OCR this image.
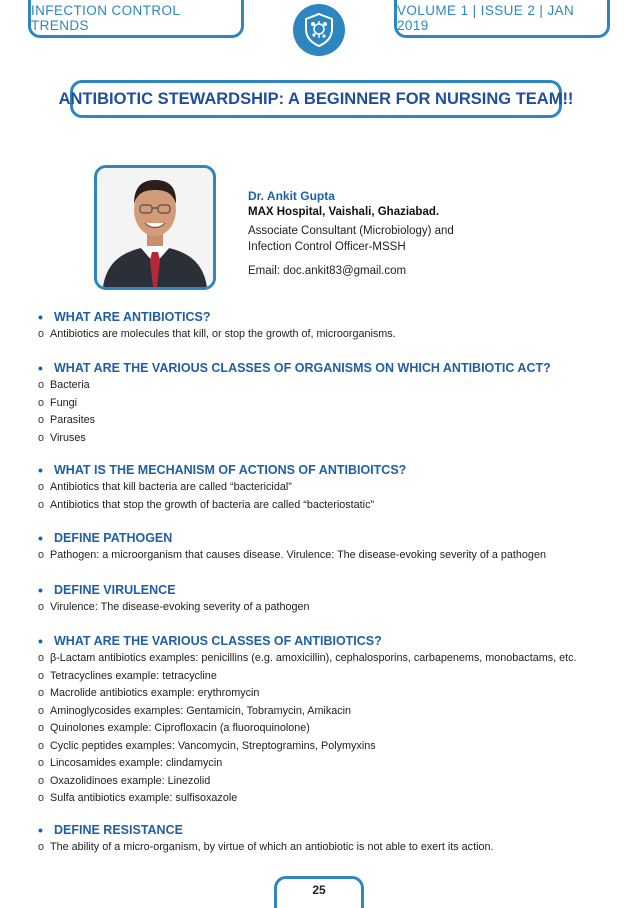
INFECTION CONTROL TRENDS
VOLUME 1 | ISSUE 2 | JAN 2019
ANTIBIOTIC STEWARDSHIP: A BEGINNER FOR NURSING TEAM!!
Dr. Ankit Gupta
MAX Hospital, Vaishali, Ghaziabad.
Associate Consultant (Microbiology) and
Infection Control Officer-MSSH
Email: doc.ankit83@gmail.com
• WHAT ARE ANTIBIOTICS?
o Antibiotics are molecules that kill, or stop the growth of, microorganisms.
• WHAT ARE THE VARIOUS CLASSES OF ORGANISMS ON WHICH ANTIBIOTIC ACT?
o Bacteria
o Fungi
o Parasites
o Viruses
• WHAT IS THE MECHANISM OF ACTIONS OF ANTIBIOITCS?
o Antibiotics that kill bacteria are called “bactericidal”
o Antibiotics that stop the growth of bacteria are called “bacteriostatic”
• DEFINE PATHOGEN
o Pathogen: a microorganism that causes disease. Virulence: The disease-evoking severity of a pathogen
• DEFINE VIRULENCE
o Virulence: The disease-evoking severity of a pathogen
• WHAT ARE THE VARIOUS CLASSES OF ANTIBIOTICS?
o β-Lactam antibiotics examples: penicillins (e.g. amoxicillin), cephalosporins, carbapenems, monobactams, etc.
o Tetracyclines example: tetracycline
o Macrolide antibiotics example: erythromycin
o Aminoglycosides examples: Gentamicin, Tobramycin, Amikacin
o Quinolones example: Ciprofloxacin (a fluoroquinolone)
o Cyclic peptides examples: Vancomycin, Streptogramins, Polymyxins
o Lincosamides example: clindamycin
o Oxazolidinoes example: Linezolid
o Sulfa antibiotics example: sulfisoxazole
• DEFINE RESISTANCE
o The ability of a micro-organism, by virtue of which an antiobiotic is not able to exert its action.
25
